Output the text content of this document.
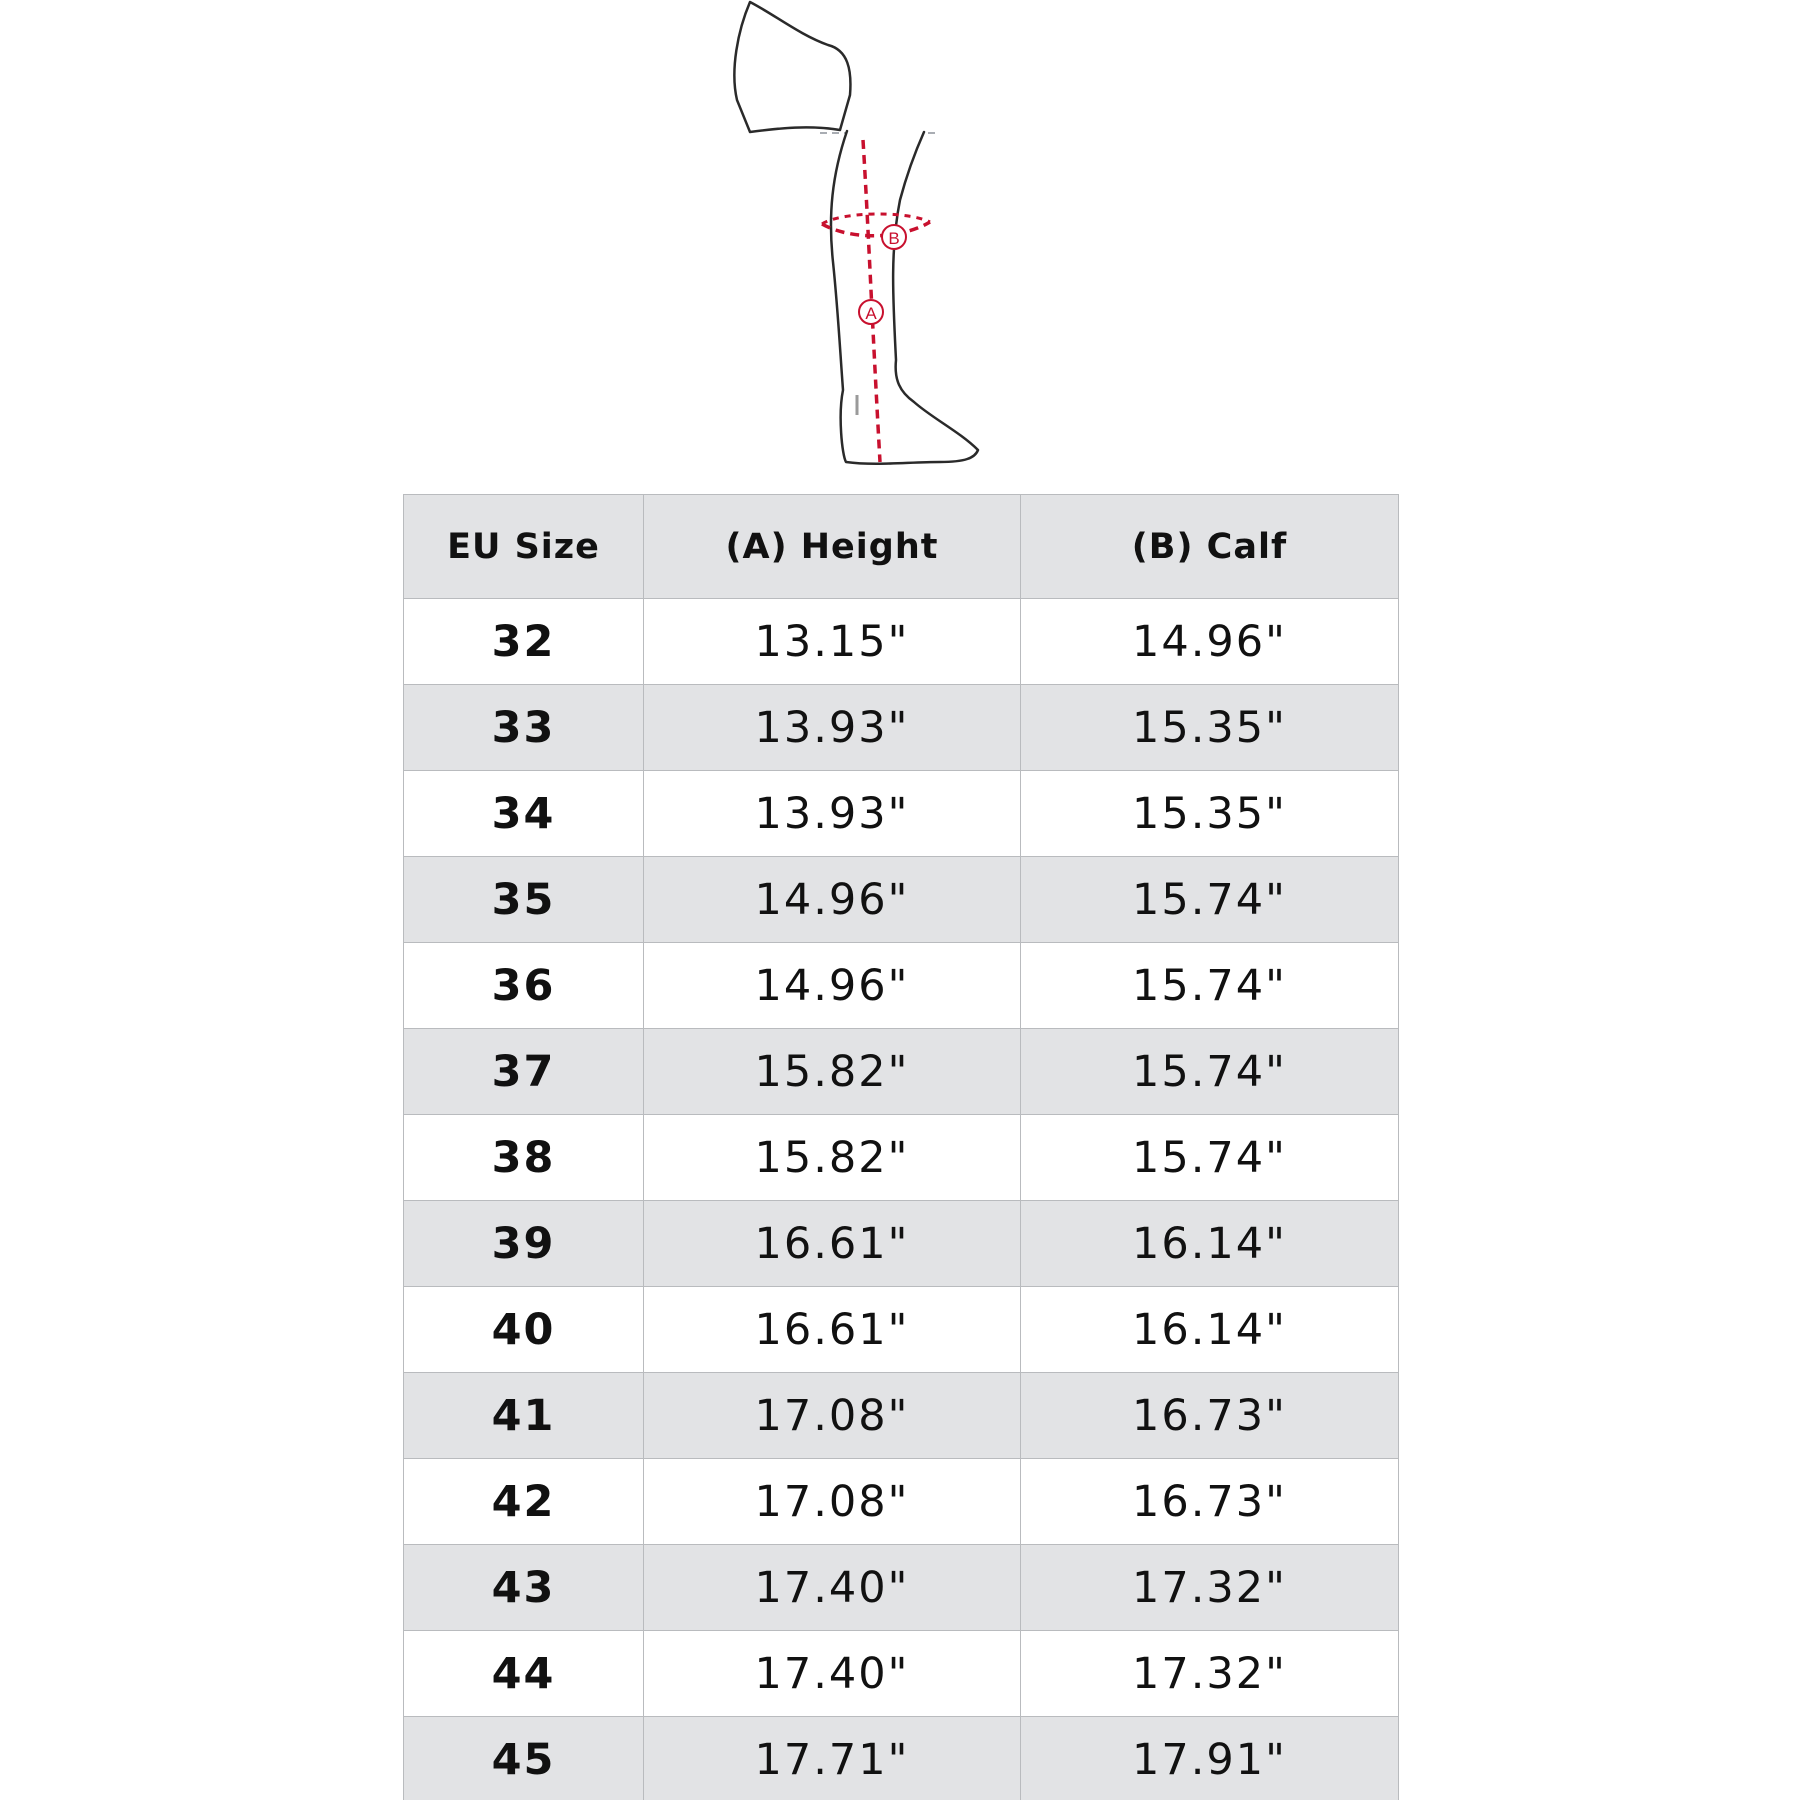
B
A
EU Size	(A) Height	(B) Calf
32	13.15"	14.96"
33	13.93"	15.35"
34	13.93"	15.35"
35	14.96"	15.74"
36	14.96"	15.74"
37	15.82"	15.74"
38	15.82"	15.74"
39	16.61"	16.14"
40	16.61"	16.14"
41	17.08"	16.73"
42	17.08"	16.73"
43	17.40"	17.32"
44	17.40"	17.32"
45	17.71"	17.91"
